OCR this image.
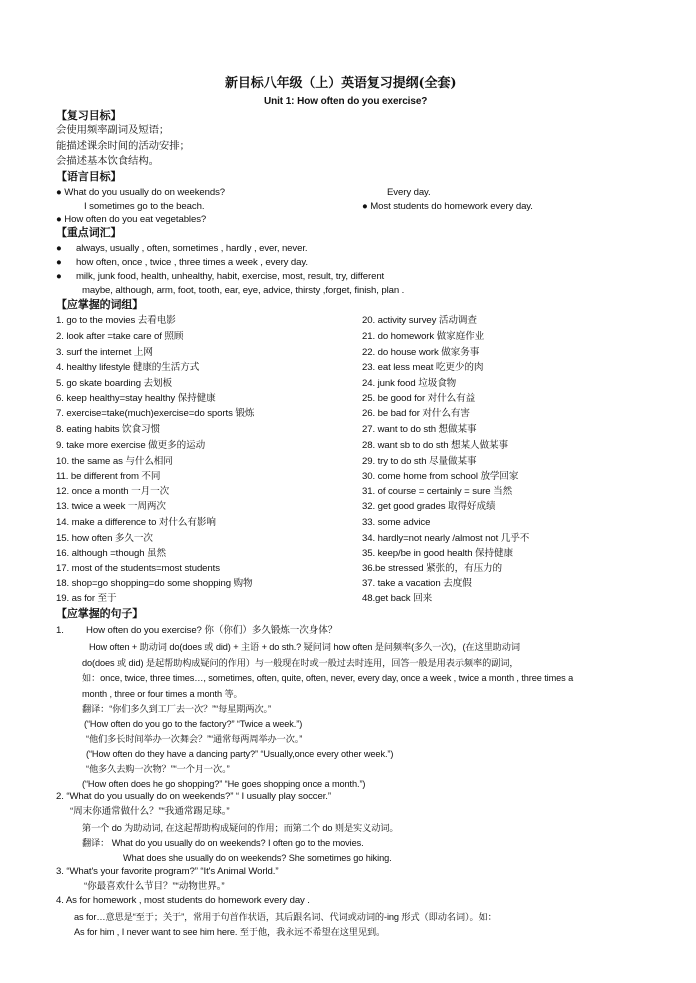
新目标八年级（上）英语复习提纲(全套)
Unit 1: How often do you exercise?
【复习目标】
会使用频率副词及短语；
能描述课余时间的活动安排；
会描述基本饮食结构。
【语言目标】
● What do you usually do on weekends?
I sometimes go to the beach.
● How often do you eat vegetables?
Every day.
● Most students do homework every day.
【重点词汇】
● always, usually , often, sometimes , hardly , ever, never.
● how often, once , twice , three times a week , every day.
● milk, junk food, health, unhealthy, habit, exercise, most, result, try, different
maybe, although, arm, foot, tooth, ear, eye, advice, thirsty ,forget, finish, plan .
【应掌握的词组】
1. go to the movies 去看电影
2. look after =take care of 照顾
3. surf the internet 上网
4. healthy lifestyle 健康的生活方式
5. go skate boarding 去划板
6. keep healthy=stay healthy 保持健康
7. exercise=take(much)exercise=do sports 锻炼
8. eating habits 饮食习惯
9. take more exercise 做更多的运动
10. the same as 与什么相同
11. be different from 不同
12. once a month 一月一次
13. twice a week 一周两次
14. make a difference to 对什么有影响
15. how often 多久一次
16. although =though 虽然
17. most of the students=most students
18. shop=go shopping=do some shopping 购物
19. as for 至于
20. activity survey 活动调查
21. do homework 做家庭作业
22. do house work 做家务事
23. eat less meat 吃更少的肉
24. junk food 垃圾食物
25. be good for 对什么有益
26. be bad for 对什么有害
27. want to do sth 想做某事
28. want sb to do sth 想某人做某事
29. try to do sth 尽量做某事
30. come home from school 放学回家
31. of course = certainly = sure 当然
32. get good grades 取得好成绩
33. some advice
34. hardly=not nearly /almost not 几乎不
35. keep/be in good health 保持健康
36.be stressed 紧张的，有压力的
37. take a vacation 去度假
48.get back 回来
【应掌握的句子】
1. How often do you exercise? 你（你们）多久锻炼一次身体？
How often + 助动词 do(does 或 did) + 主语 + do sth.? 疑问词 how often 是问频率(多久一次)，(在这里助动词
do(does 或 did) 是起帮助构成疑问的作用）与一般现在时或一般过去时连用，回答一般是用表示频率的副词，
如：once, twice, three times…, sometimes, often, quite, often, never, every day, once a week , twice a month , three times a
month , three or four times a month 等。
翻译：“你们多久到工厂去一次？”“每星期两次。”
(“How often do you go to the factory?” “Twice a week.”)
“他们多长时间举办一次舞会？”“通常每两周举办一次。”
(“How often do they have a dancing party?” “Usually,once every other week.”)
“他多久去购一次物？”“一个月一次。”
(“How often does he go shopping?” “He goes shopping once a month.”)
2. “What do you usually do on weekends?” “ I usually play soccer.”
“周末你通常做什么？”“我通常踢足球。”
第一个 do 为助动词, 在这起帮助构成疑问的作用；而第二个 do 则是实义动词。
翻译： What do you usually do on weekends? I often go to the movies.
What does she usually do on weekends? She sometimes go hiking.
3. “What's your favorite program?” “It's Animal World.”
“你最喜欢什么节目？”“动物世界。”
4. As for homework , most students do homework every day .
as for…意思是“至于；关于”，常用于句首作状语，其后跟名词、代词或动词的-ing 形式（即动名词）。如：
As for him , I never want to see him here. 至于他，我永远不希望在这里见到。
